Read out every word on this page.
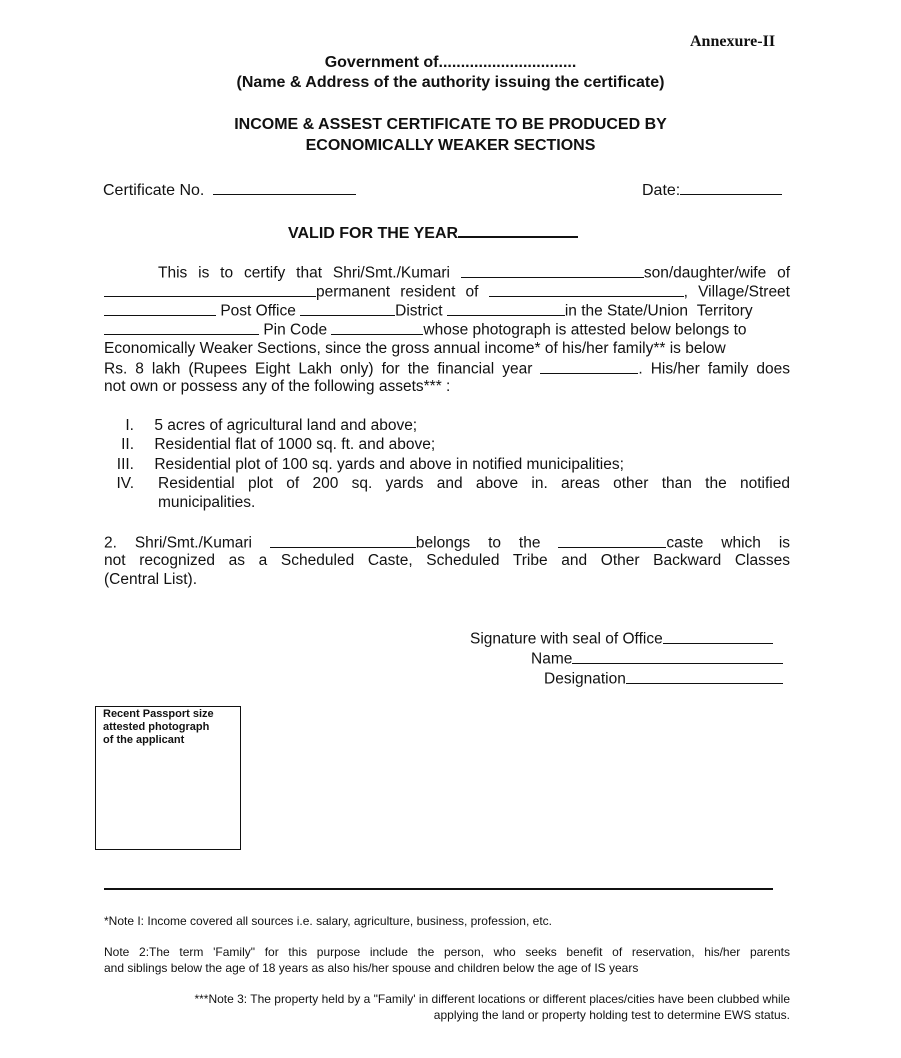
Annexure-II
Government of...............................
(Name & Address of the authority issuing the certificate)
INCOME & ASSEST CERTIFICATE TO BE PRODUCED BY
ECONOMICALLY WEAKER SECTIONS
Certificate No.	Date:
VALID FOR THE YEAR
This is to certify that Shri/Smt./Kumari	son/daughter/wife of
permanent resident of	, Village/Street
Post Office	District	in the State/Union Territory
Pin Code	whose photograph is attested below belongs to
Economically Weaker Sections, since the gross annual income* of his/her family** is below
Rs. 8 lakh (Rupees Eight Lakh only) for the financial year	. His/her family does
not own or possess any of the following assets*** :
I. 5 acres of agricultural land and above;
II. Residential flat of 1000 sq. ft. and above;
III. Residential plot of 100 sq. yards and above in notified municipalities;
IV.	Residential plot of 200 sq. yards and above in. areas other than the notified
municipalities.
2. Shri/Smt./Kumari	belongs to the	caste which is
not recognized as a Scheduled Caste, Scheduled Tribe and Other Backward Classes
(Central List).
Signature with seal of Office
Name
Designation
Recent Passport size
attested photograph
of the applicant
*Note I: Income covered all sources i.e. salary, agriculture, business, profession, etc.
Note 2:The term 'Family" for this purpose include the person, who seeks benefit of reservation, his/her parents
and siblings below the age of 18 years as also his/her spouse and children below the age of IS years
***Note 3: The property held by a "Family' in different locations or different places/cities have been clubbed while
applying the land or property holding test to determine EWS status.
